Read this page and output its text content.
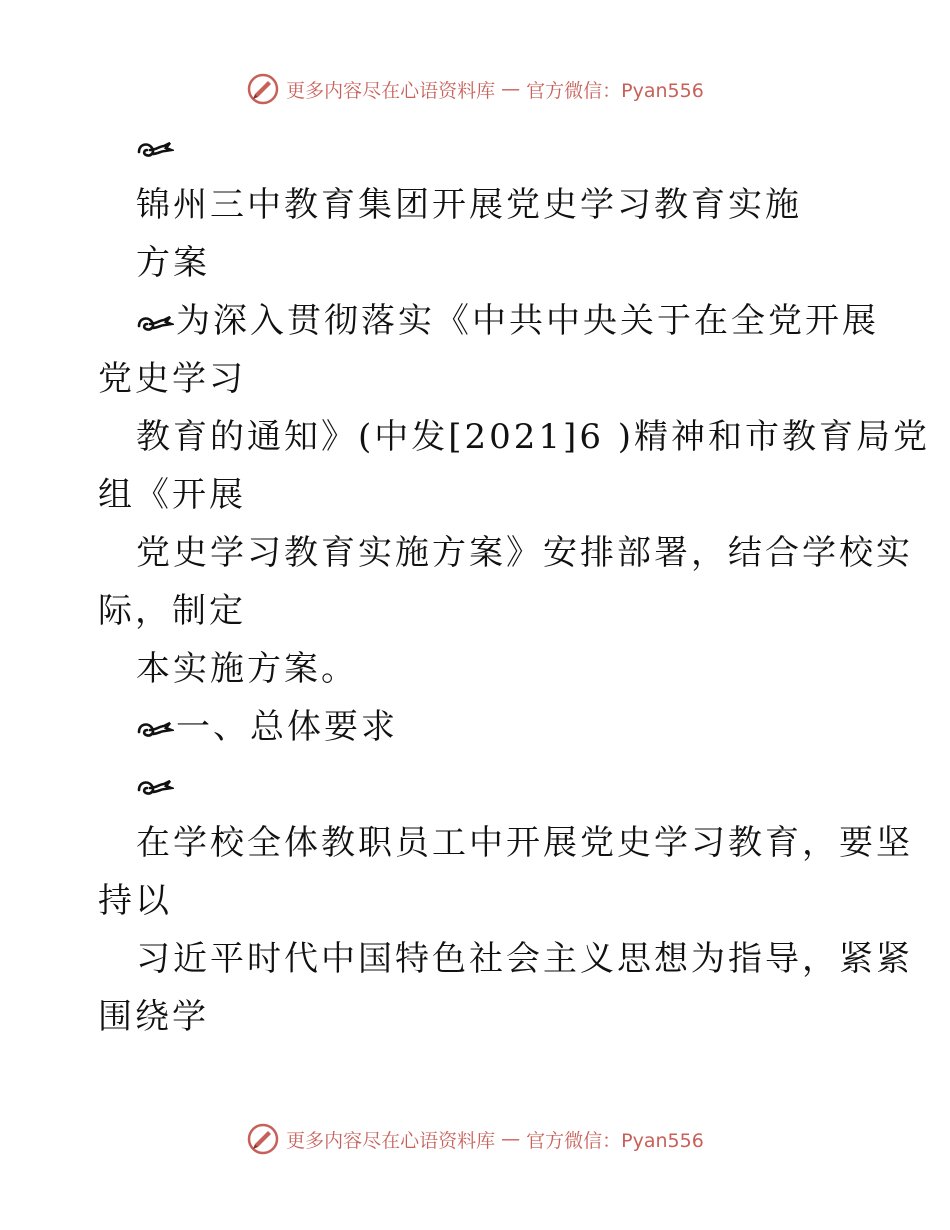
更多内容尽在心语资料库 — 官方微信：Pyan556
锦州三中教育集团开展党史学习教育实施
方案
为深入贯彻落实《中共中央关于在全党开展
党史学习
教育的通知》(中发[2021]6 )精神和市教育局党
组《开展
党史学习教育实施方案》安排部署，结合学校实
际，制定
本实施方案。
一、总体要求
在学校全体教职员工中开展党史学习教育，要坚
持以
习近平时代中国特色社会主义思想为指导，紧紧
围绕学
更多内容尽在心语资料库 — 官方微信：Pyan556
